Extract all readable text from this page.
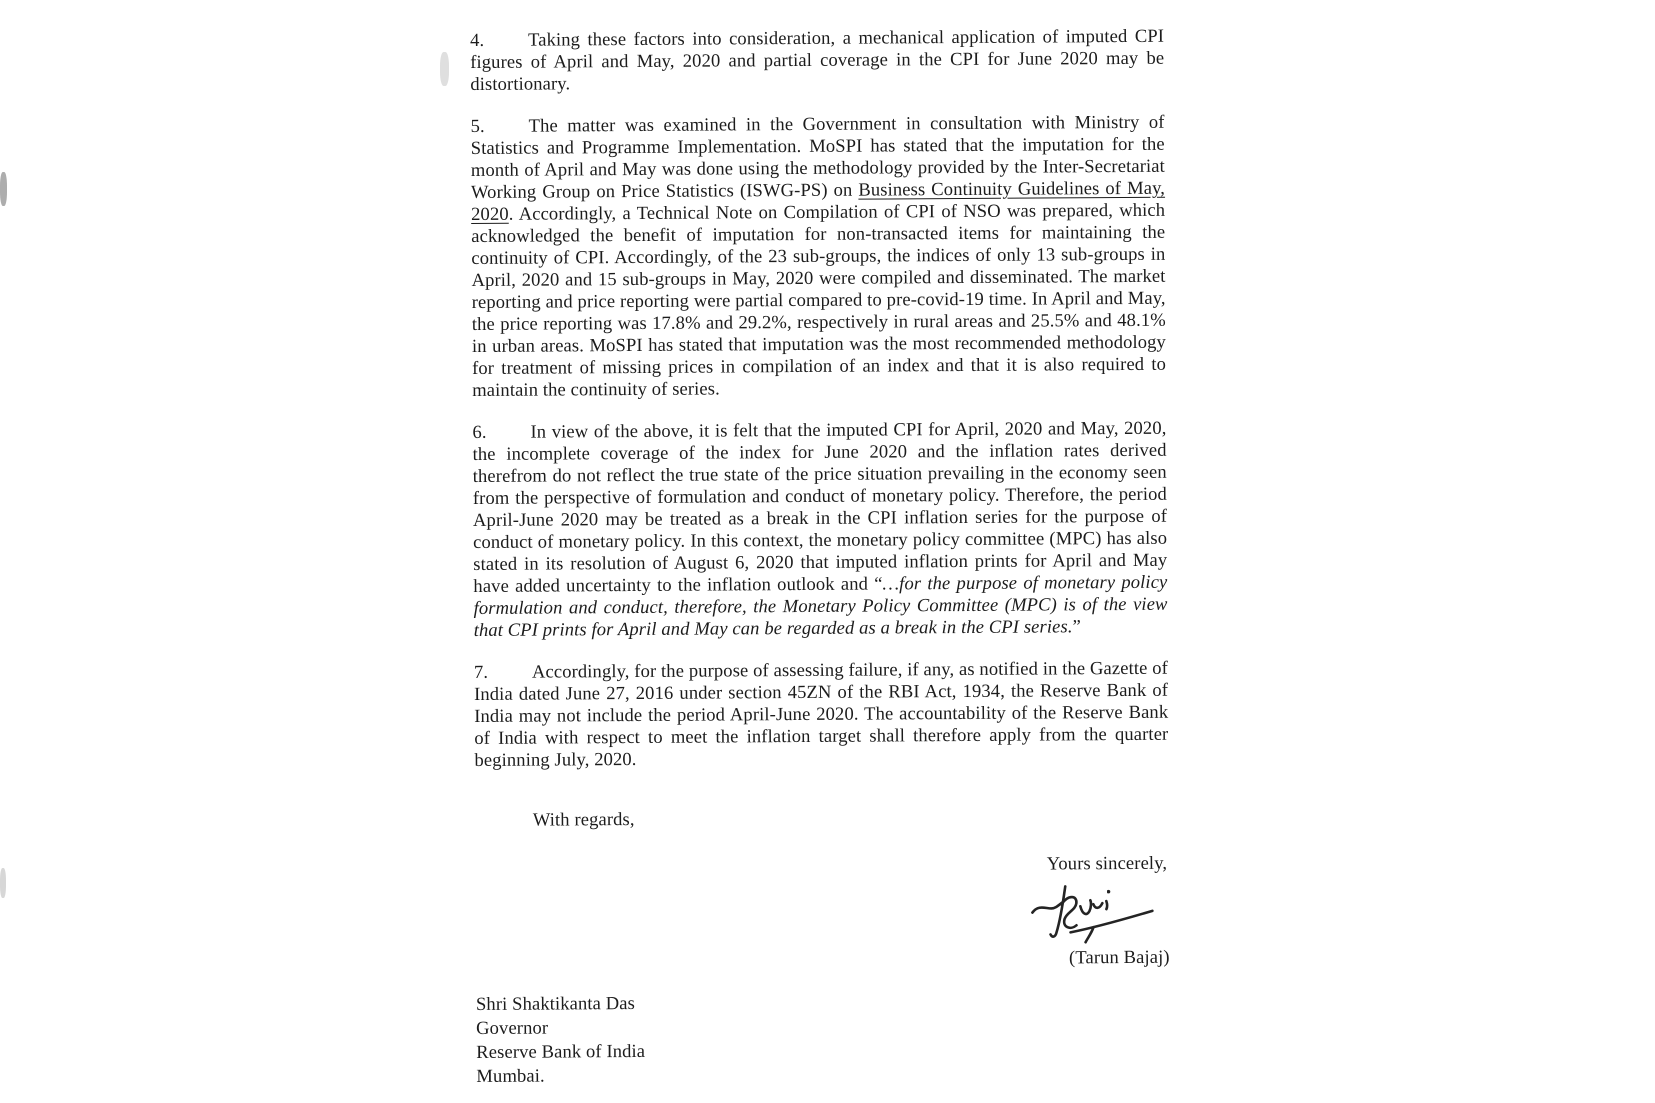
4. Taking these factors into consideration, a mechanical application of imputed CPI figures of April and May, 2020 and partial coverage in the CPI for June 2020 may be distortionary.

5. The matter was examined in the Government in consultation with Ministry of Statistics and Programme Implementation. MoSPI has stated that the imputation for the month of April and May was done using the methodology provided by the Inter-Secretariat Working Group on Price Statistics (ISWG-PS) on Business Continuity Guidelines of May, 2020. Accordingly, a Technical Note on Compilation of CPI of NSO was prepared, which acknowledged the benefit of imputation for non-transacted items for maintaining the continuity of CPI. Accordingly, of the 23 sub-groups, the indices of only 13 sub-groups in April, 2020 and 15 sub-groups in May, 2020 were compiled and disseminated. The market reporting and price reporting were partial compared to pre-covid-19 time. In April and May, the price reporting was 17.8% and 29.2%, respectively in rural areas and 25.5% and 48.1% in urban areas. MoSPI has stated that imputation was the most recommended methodology for treatment of missing prices in compilation of an index and that it is also required to maintain the continuity of series.

6. In view of the above, it is felt that the imputed CPI for April, 2020 and May, 2020, the incomplete coverage of the index for June 2020 and the inflation rates derived therefrom do not reflect the true state of the price situation prevailing in the economy seen from the perspective of formulation and conduct of monetary policy. Therefore, the period April-June 2020 may be treated as a break in the CPI inflation series for the purpose of conduct of monetary policy. In this context, the monetary policy committee (MPC) has also stated in its resolution of August 6, 2020 that imputed inflation prints for April and May have added uncertainty to the inflation outlook and “…for the purpose of monetary policy formulation and conduct, therefore, the Monetary Policy Committee (MPC) is of the view that CPI prints for April and May can be regarded as a break in the CPI series.”

7. Accordingly, for the purpose of assessing failure, if any, as notified in the Gazette of India dated June 27, 2016 under section 45ZN of the RBI Act, 1934, the Reserve Bank of India may not include the period April-June 2020. The accountability of the Reserve Bank of India with respect to meet the inflation target shall therefore apply from the quarter beginning July, 2020.

With regards,

Yours sincerely,

(Tarun Bajaj)

Shri Shaktikanta Das

Governor

Reserve Bank of India

Mumbai.
